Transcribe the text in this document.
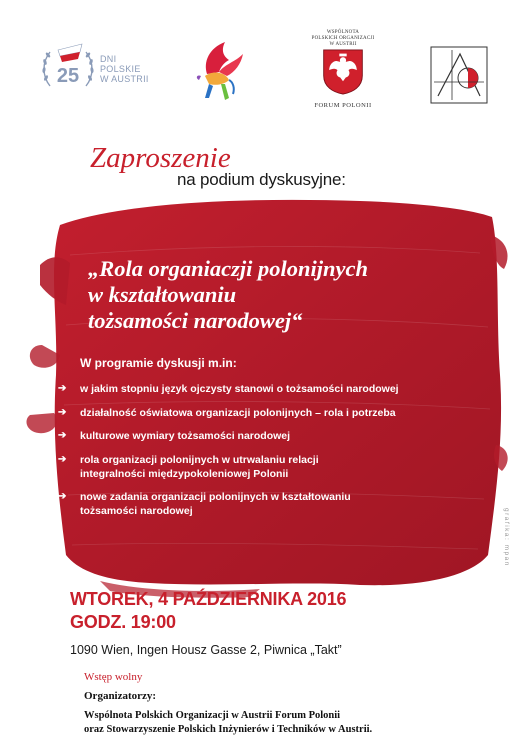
25
DNI
POLSKIE
W AUSTRII
WSPÓLNOTA
POLSKICH ORGANIZACJI
W AUSTRII
FORUM POLONII
Zaproszenie
na podium dyskusyjne:
„Rola organiaczji polonijnych
w kształtowaniu
tożsamości narodowej“
W programie dyskusji m.in:
➔ w jakim stopniu język ojczysty stanowi o tożsamości narodowej
➔ działalność oświatowa organizacji polonijnych – rola i potrzeba
➔ kulturowe wymiary tożsamości narodowej
➔ rola organizacji polonijnych w utrwalaniu relacji
integralności międzypokoleniowej Polonii
➔ nowe zadania organizacji polonijnych w kształtowaniu
tożsamości narodowej	grafika: mpan
WTOREK, 4 PAŹDZIERNIKA 2016
GODZ. 19:00
1090 Wien, Ingen Housz Gasse 2, Piwnica „Takt”
Wstęp wolny
Organizatorzy:
Wspólnota Polskich Organizacji w Austrii Forum Polonii
oraz Stowarzyszenie Polskich Inżynierów i Techników w Austrii.
